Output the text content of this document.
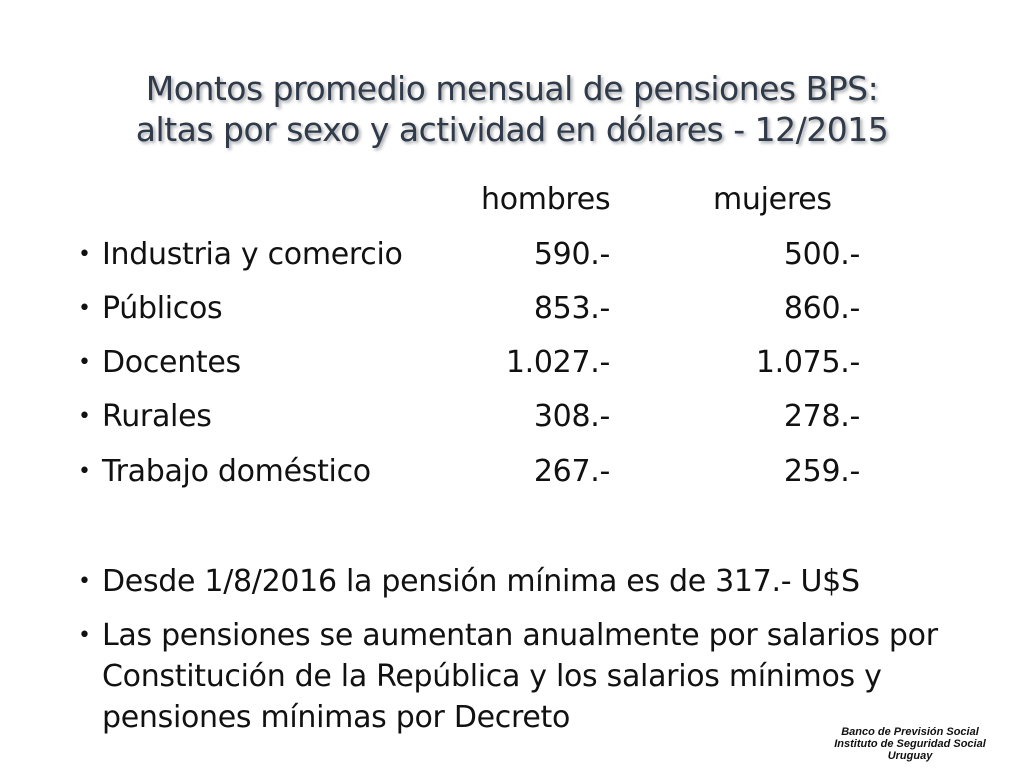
Montos promedio mensual de pensiones BPS:
altas por sexo y actividad en dólares - 12/2015
hombres	mujeres
• Industria y comercio	590.-	500.-
• Públicos	853.-	860.-
• Docentes	1.027.-	1.075.-
• Rurales	308.-	278.-
• Trabajo doméstico	267.-	259.-
• Desde 1/8/2016 la pensión mínima es de 317.- U$S
• Las pensiones se aumentan anualmente por salarios por Constitución de la República y los salarios mínimos y pensiones mínimas por Decreto	Banco de Previsión Social
Instituto de Seguridad Social
Uruguay
